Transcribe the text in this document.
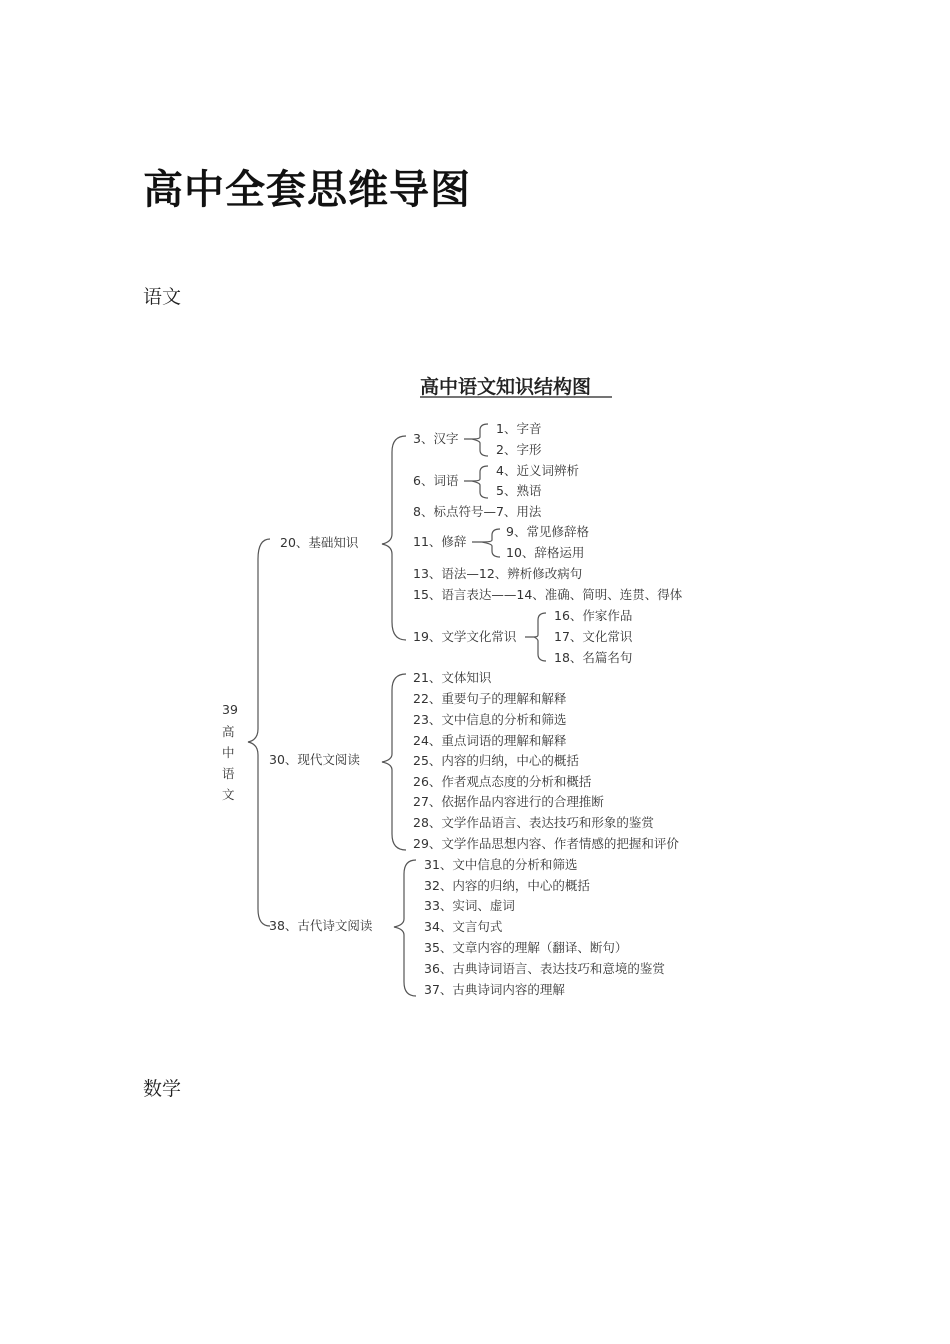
高中全套思维导图

语文

高中语文知识结构图
39
高
中
语
文
20、基础知识
30、现代文阅读
38、古代诗文阅读
3、汉字
6、词语
8、标点符号—7、用法
11、修辞
13、语法—12、辨析修改病句
15、语言表达——14、准确、简明、连贯、得体
19、文学文化常识
1、字音
2、字形
4、近义词辨析
5、熟语
9、常见修辞格
10、辞格运用
16、作家作品
17、文化常识
18、名篇名句
21、文体知识
22、重要句子的理解和解释
23、文中信息的分析和筛选
24、重点词语的理解和解释
25、内容的归纳，中心的概括
26、作者观点态度的分析和概括
27、依据作品内容进行的合理推断
28、文学作品语言、表达技巧和形象的鉴赏
29、文学作品思想内容、作者情感的把握和评价
31、文中信息的分析和筛选
32、内容的归纳，中心的概括
33、实词、虚词
34、文言句式
35、文章内容的理解（翻译、断句）
36、古典诗词语言、表达技巧和意境的鉴赏
37、古典诗词内容的理解

数学
